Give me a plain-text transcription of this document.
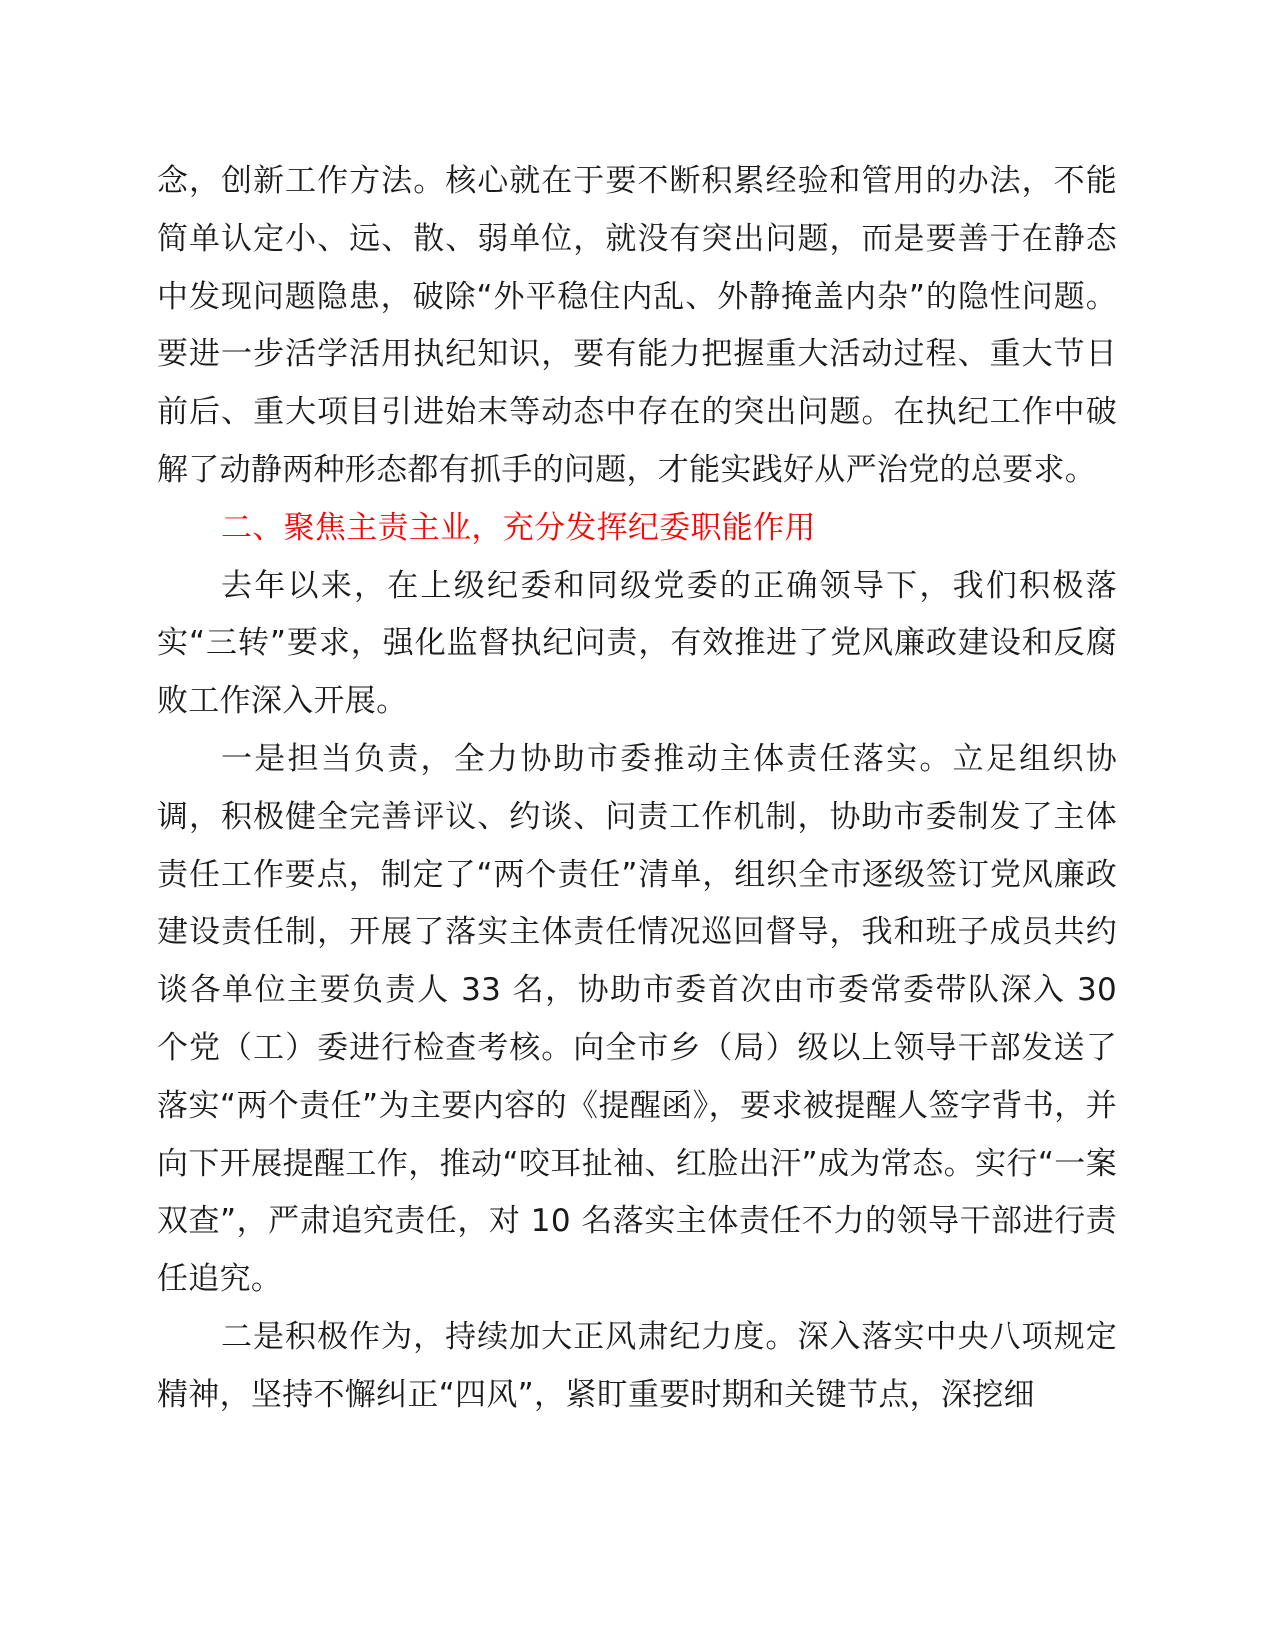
念，创新工作方法。核心就在于要不断积累经验和管用的办法，不能简单认定小、远、散、弱单位，就没有突出问题，而是要善于在静态中发现问题隐患，破除“外平稳住内乱、外静掩盖内杂”的隐性问题。要进一步活学活用执纪知识，要有能力把握重大活动过程、重大节日前后、重大项目引进始末等动态中存在的突出问题。在执纪工作中破解了动静两种形态都有抓手的问题，才能实践好从严治党的总要求。

二、聚焦主责主业，充分发挥纪委职能作用

去年以来，在上级纪委和同级党委的正确领导下，我们积极落实“三转”要求，强化监督执纪问责，有效推进了党风廉政建设和反腐败工作深入开展。

一是担当负责，全力协助市委推动主体责任落实。立足组织协调，积极健全完善评议、约谈、问责工作机制，协助市委制发了主体责任工作要点，制定了“两个责任”清单，组织全市逐级签订党风廉政建设责任制，开展了落实主体责任情况巡回督导，我和班子成员共约谈各单位主要负责人 33 名，协助市委首次由市委常委带队深入 30 个党（工）委进行检查考核。向全市乡（局）级以上领导干部发送了落实“两个责任”为主要内容的《提醒函》，要求被提醒人签字背书，并向下开展提醒工作，推动“咬耳扯袖、红脸出汗”成为常态。实行“一案双查”，严肃追究责任，对 10 名落实主体责任不力的领导干部进行责任追究。

二是积极作为，持续加大正风肃纪力度。深入落实中央八项规定精神，坚持不懈纠正“四风”，紧盯重要时期和关键节点，深挖细
